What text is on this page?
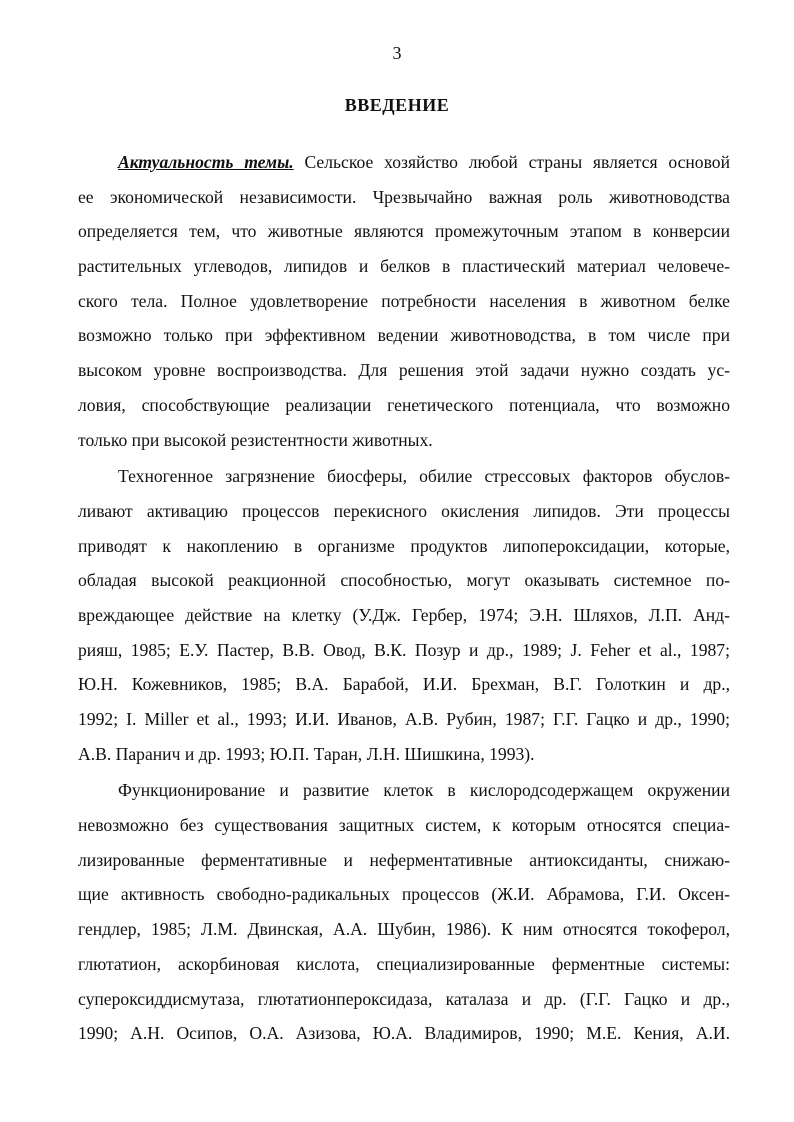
3
ВВЕДЕНИЕ
Актуальность темы. Сельское хозяйство любой страны является основой
ее экономической независимости. Чрезвычайно важная роль животноводства
определяется тем, что животные являются промежуточным этапом в конверсии
растительных углеводов, липидов и белков в пластический материал человече-
ского тела. Полное удовлетворение потребности населения в животном белке
возможно только при эффективном ведении животноводства, в том числе при
высоком уровне воспроизводства. Для решения этой задачи нужно создать ус-
ловия, способствующие реализации генетического потенциала, что возможно
только при высокой резистентности животных.
Техногенное загрязнение биосферы, обилие стрессовых факторов обуслов-
ливают активацию процессов перекисного окисления липидов. Эти процессы
приводят к накоплению в организме продуктов липопероксидации, которые,
обладая высокой реакционной способностью, могут оказывать системное по-
вреждающее действие на клетку (У.Дж. Гербер, 1974; Э.Н. Шляхов, Л.П. Анд-
рияш, 1985; Е.У. Пастер, В.В. Овод, В.К. Позур и др., 1989; J. Feher et al., 1987;
Ю.Н. Кожевников, 1985; В.А. Барабой, И.И. Брехман, В.Г. Голоткин и др.,
1992; I. Miller et al., 1993; И.И. Иванов, А.В. Рубин, 1987; Г.Г. Гацко и др., 1990;
А.В. Паранич и др. 1993; Ю.П. Таран, Л.Н. Шишкина, 1993).
Функционирование и развитие клеток в кислородсодержащем окружении
невозможно без существования защитных систем, к которым относятся специа-
лизированные ферментативные и неферментативные антиоксиданты, снижаю-
щие активность свободно-радикальных процессов (Ж.И. Абрамова, Г.И. Оксен-
гендлер, 1985; Л.М. Двинская, А.А. Шубин, 1986). К ним относятся токоферол,
глютатион, аскорбиновая кислота, специализированные ферментные системы:
супероксиддисмутаза, глютатионпероксидаза, каталаза и др. (Г.Г. Гацко и др.,
1990; А.Н. Осипов, О.А. Азизова, Ю.А. Владимиров, 1990; М.Е. Кения, А.И.
